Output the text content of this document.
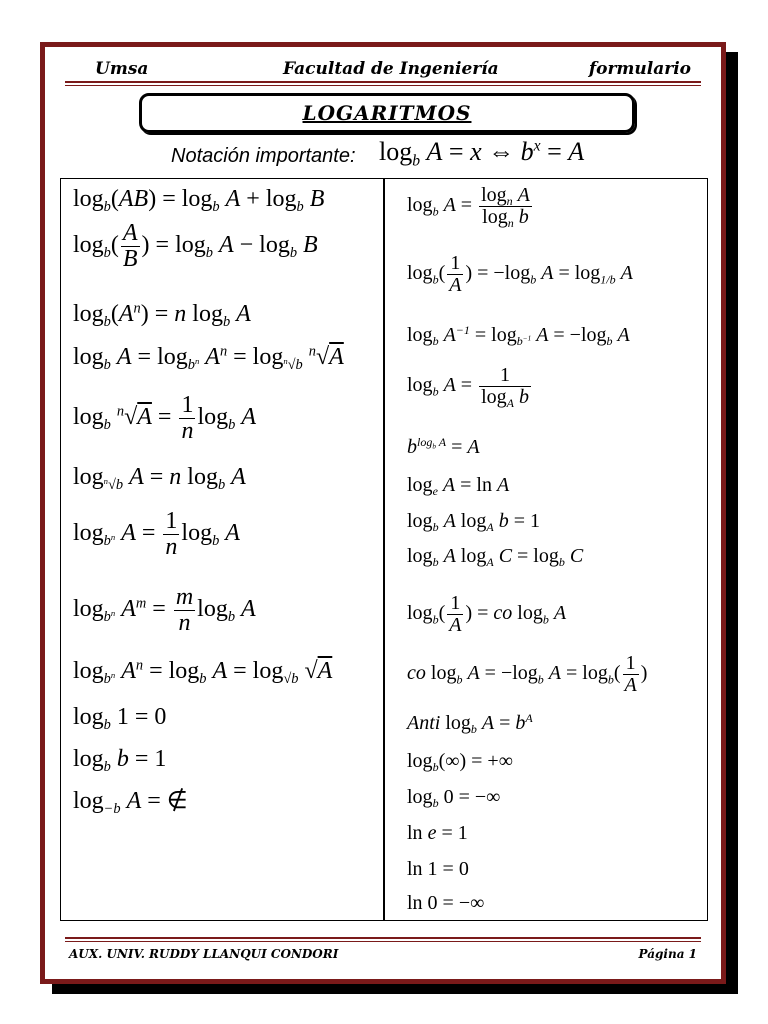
Umsa	Facultad de Ingeniería	formulario
LOGARITMOS
Notación importante: $\log_b A = x$ ⇔ $b^x = A$
$\log_b(AB) = \log_b A + \log_b B$
$\log_b( \frac{A}{B}$ ) = $\log_b A - \log_b B$
$\log_b(A^n) = n$ $\log_b A$
$\log_b A = \log_{b^n} A^n = \log_{^n√b} ^n√A$
$\log_b ^n√A = \frac{1}{n} \log_b A$
$\log_{^n√b} A = n$ $\log_b A$
$\log_{b^n} A = \frac{1}{n} \log_b A$
$\log_{b^n} A^m = \frac{m}{n} \log_b A$
$\log_{b^n} A^n = \log_b A = \log_{√b} √A$
$\log_b 1 = 0$
$\log_b b = 1$
$\log_{-b} A$ = ∉
$\log_b A = \frac{\log_n A}{\log_n b}$
$\log_b( \frac{1}{A}$ ) = $-\log_b$ $A = \log_{1/b} A$
$\log_b A^{-1} = \log_{b^{-1}} A = -\log_b$ A
$\log_b A = \frac{1}{\log_A b}$
$b^{log_b A} = A$
$\log_e A = \ln A$
$\log_b A$ $\log_A b = 1$
$\log_b A$ $\log_A C = \log_b C$
$\log_b( \frac{1}{A}$ ) = co $\log_b A$
co $\log_b A = -\log_b$ $A = \log_b( \frac{1}{A}$ )
Anti $\log_b A = b^A$
$\log_b(\infty)$ = +∞
$\log_b 0$ = −∞
ln e = 1
ln 1 = 0
ln 0 = −∞
AUX. UNIV. RUDDY LLANQUI CONDORI	Página 1
